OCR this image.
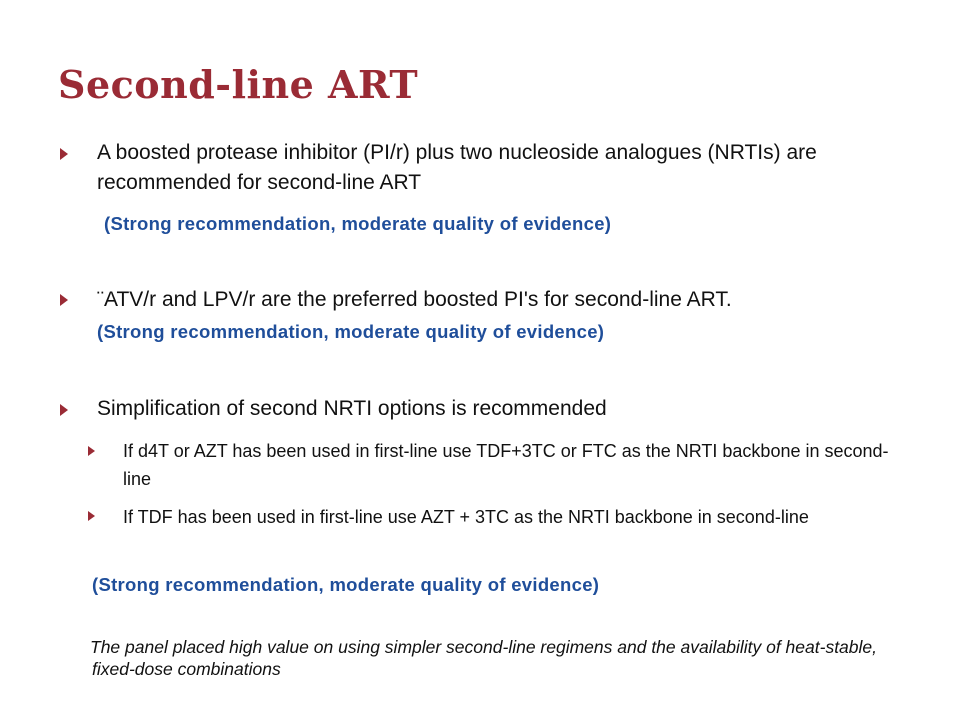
Second-line ART
A boosted protease inhibitor (PI/r) plus two nucleoside analogues (NRTIs) are recommended for second-line ART
(Strong recommendation, moderate quality of evidence)
¨ATV/r and LPV/r are the preferred boosted PI's for second-line ART.
(Strong recommendation, moderate quality of evidence)
Simplification of second NRTI options is recommended
If d4T or AZT has been used in first-line use TDF+3TC or FTC as the NRTI backbone in second-line
If TDF has been used in first-line use AZT + 3TC as the NRTI backbone in second-line
(Strong recommendation, moderate quality of evidence)
The panel placed high value on using simpler second-line regimens and the availability of heat-stable, fixed-dose combinations
